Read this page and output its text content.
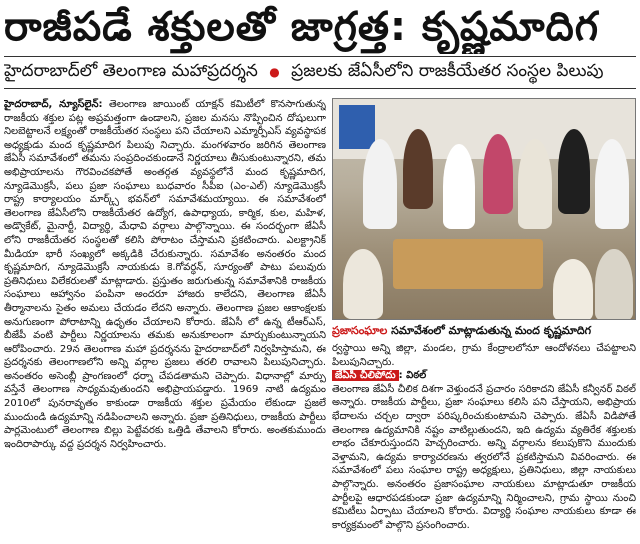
రాజీపడే శక్తులతో జాగ్రత్త: కృష్ణమాదిగ
హైదరాబాద్‌లో తెలంగాణ మహాప్రదర్శన ● ప్రజలకు జేఏసీలోని రాజకీయేతర సంస్థల పిలుపు

హైదరాబాద్, న్యూస్‌లైన్: తెలంగాణ జాయింట్ యాక్షన్ కమిటీలో కొనసాగుతున్న రాజకీయ శక్తుల పట్ల అప్రమత్తంగా ఉండాలని, ప్రజల మనసు నొప్పించిన దోషులుగా నిలబెట్టాలనే లక్ష్యంతో రాజకీయేతర సంస్థలు పని చేయాలని ఎమ్మార్పీఎస్ వ్యవస్థాపక అధ్యక్షుడు మంద కృష్ణమాదిగ పిలుపు నిచ్చారు. మంగళవారం జరిగిన తెలంగాణ జేఏసీ సమావేశంలో తమను సంప్రదించకుండానే నిర్ణయాలు తీసుకుంటున్నారని, తమ అభిప్రాయాలను గౌరవించకపోతే అంతర్గత వ్యవస్థలోనే మంద కృష్ణమాదిగ, న్యూడెమొక్రసీ, పలు ప్రజా సంఘాలు బుధవారం సీపీఐ (ఎం-ఎల్) న్యూడెమొక్రసీ రాష్ట్ర కార్యాలయం మార్క్స్ భవన్‌లో సమావేశమయ్యాయి. ఈ సమావేశంలో తెలంగాణ జేఏసీలోని రాజకీయేతర ఉద్యోగ, ఉపాధ్యాయ, కార్మిక, కుల, మహిళ, అడ్వొకేట్, మైనార్టీ, విద్యార్థి, మేధావి వర్గాలు పాల్గొన్నాయి. ఈ సందర్భంగా జేఏసీ లోని రాజకీయేతర సంస్థలతో కలిసి పోరాటం చేస్తామని ప్రకటించారు. ఎలక్ట్రానిక్ మీడియా భారీ సంఖ్యలో అక్కడికి చేరుకున్నారు. సమావేశం అనంతరం మంద కృష్ణమాదిగ, న్యూడెమొక్రసీ నాయకుడు కె.గోవర్ధన్, సూర్యంతో పాటు పలువురు ప్రతినిధులు విలేకరులతో మాట్లాడారు. ప్రస్తుతం జరుగుతున్న సమావేశానికి రాజకీయ సంఘాలు ఆహ్వానం పంపినా అందరూ హాజరు కాలేదని, తెలంగాణ జేఏసీ తీర్మానాలను సైతం అమలు చేయడం లేదని అన్నారు. తెలంగాణ ప్రజల ఆకాంక్షలకు అనుగుణంగా పోరాటాన్ని ఉధృతం చేయాలని కోరారు. జేఏసీ లో ఉన్న టీఆర్ఎస్, బీజేపీ వంటి పార్టీలు నిర్ణయాలను తమకు అనుకూలంగా మార్చుకుంటున్నాయని ఆరోపించారు. 29న తెలంగాణ మహా ప్రదర్శనను హైదరాబాద్‌లో నిర్వహిస్తామని, ఈ ప్రదర్శనకు తెలంగాణలోని అన్ని వర్గాల ప్రజలు తరలి రావాలని పిలుపునిచ్చారు. అనంతరం అసెంబ్లీ ప్రాంగణంలో ధర్నా చేపడతామని చెప్పారు. విధానాల్లో మార్పు వస్తేనే తెలంగాణ సాధ్యమవుతుందని అభిప్రాయపడ్డారు. 1969 నాటి ఉద్యమం 2010లో పునరావృతం కాకుండా రాజకీయ శక్తుల ప్రమేయం లేకుండా ప్రజలే ముందుండి ఉద్యమాన్ని నడిపించాలని అన్నారు. ప్రజా ప్రతినిధులు, రాజకీయ పార్టీలు పార్లమెంటులో తెలంగాణ బిల్లు పెట్టేవరకు ఒత్తిడి తేవాలని కోరారు. అంతకుముందు ఇందిరాపార్కు వద్ద ప్రదర్శన నిర్వహించారు.

ప్రజాసంఘాల సమావేశంలో మాట్లాడుతున్న మంద కృష్ణమాదిగ

ర్వస్థాయి అన్ని జిల్లా, మండల, గ్రామ కేంద్రాలలోనూ ఆందోళనలు చేపట్టాలని పిలుపునిచ్చారు.

జేఏసీ చీలిపోదు : విఠల్

తెలంగాణ జేఏసీ చీలిక దిశగా వెళ్తుందనే ప్రచారం సరికాదని జేఏసీ కన్వీనర్ విఠల్ అన్నారు. రాజకీయ పార్టీలు, ప్రజా సంఘాలు కలిసి పని చేస్తాయని, అభిప్రాయ భేదాలను చర్చల ద్వారా పరిష్కరించుకుంటామని చెప్పారు. జేఏసీ విడిపోతే తెలంగాణ ఉద్యమానికి నష్టం వాటిల్లుతుందని, ఇది ఉద్యమ వ్యతిరేక శక్తులకు లాభం చేకూరుస్తుందని హెచ్చరించారు. అన్ని వర్గాలను కలుపుకొని ముందుకు వెళ్తామని, ఉద్యమ కార్యాచరణను త్వరలోనే ప్రకటిస్తామని వివరించారు. ఈ సమావేశంలో పలు సంఘాల రాష్ట్ర అధ్యక్షులు, ప్రతినిధులు, జిల్లా నాయకులు పాల్గొన్నారు. అనంతరం ప్రజాసంఘాల నాయకులు మాట్లాడుతూ రాజకీయ పార్టీలపై ఆధారపడకుండా ప్రజా ఉద్యమాన్ని నిర్మించాలని, గ్రామ స్థాయి నుంచి కమిటీలు ఏర్పాటు చేయాలని కోరారు. విద్యార్థి సంఘాల నాయకులు కూడా ఈ కార్యక్రమంలో పాల్గొని ప్రసంగించారు.
